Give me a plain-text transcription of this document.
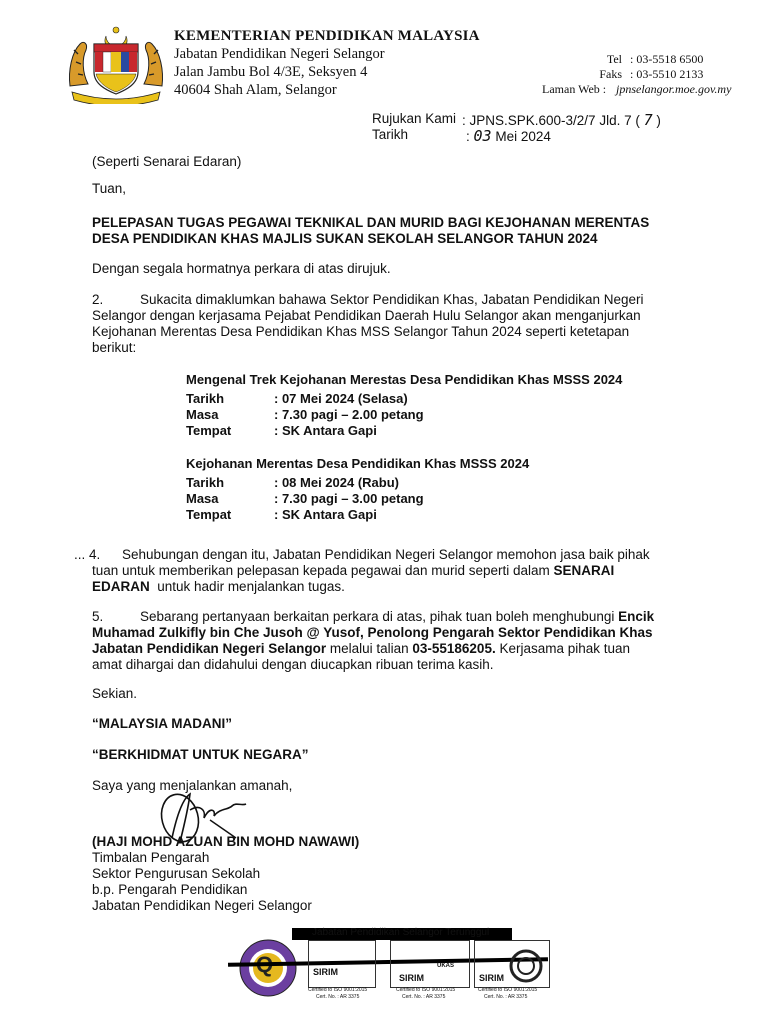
KEMENTERIAN PENDIDIKAN MALAYSIA
Jabatan Pendidikan Negeri Selangor
Jalan Jambu Bol 4/3E, Seksyen 4
40604 Shah Alam, Selangor
Tel : 03-5518 6500
Faks : 03-5510 2133
Laman Web : jpnselangor.moe.gov.my
Rujukan Kami : JPNS.SPK.600-3/2/7 Jld. 7 ( 7 )
Tarikh	: 03 Mei 2024
(Seperti Senarai Edaran)
Tuan,
PELEPASAN TUGAS PEGAWAI TEKNIKAL DAN MURID BAGI KEJOHANAN MERENTAS
DESA PENDIDIKAN KHAS MAJLIS SUKAN SEKOLAH SELANGOR TAHUN 2024
Dengan segala hormatnya perkara di atas dirujuk.
2.	Sukacita dimaklumkan bahawa Sektor Pendidikan Khas, Jabatan Pendidikan Negeri
Selangor dengan kerjasama Pejabat Pendidikan Daerah Hulu Selangor akan menganjurkan
Kejohanan Merentas Desa Pendidikan Khas MSS Selangor Tahun 2024 seperti ketetapan
berikut:
Mengenal Trek Kejohanan Merestas Desa Pendidikan Khas MSSS 2024
Tarikh	: 07 Mei 2024 (Selasa)
Masa	: 7.30 pagi – 2.00 petang
Tempat	: SK Antara Gapi
Kejohanan Merentas Desa Pendidikan Khas MSSS 2024
Tarikh	: 08 Mei 2024 (Rabu)
Masa	: 7.30 pagi – 3.00 petang
Tempat	: SK Antara Gapi
... 4. Sehubungan dengan itu, Jabatan Pendidikan Negeri Selangor memohon jasa baik pihak
tuan untuk memberikan pelepasan kepada pegawai dan murid seperti dalam SENARAI
EDARAN  untuk hadir menjalankan tugas.
5.	Sebarang pertanyaan berkaitan perkara di atas, pihak tuan boleh menghubungi Encik
Muhamad Zulkifly bin Che Jusoh @ Yusof, Penolong Pengarah Sektor Pendidikan Khas
Jabatan Pendidikan Negeri Selangor melalui talian 03-55186205. Kerjasama pihak tuan
amat dihargai dan didahului dengan diucapkan ribuan terima kasih.
Sekian.
“MALAYSIA MADANI”
“BERKHIDMAT UNTUK NEGARA”
Saya yang menjalankan amanah,
(HAJI MOHD AZUAN BIN MOHD NAWAWI)
Timbalan Pengarah
Sektor Pengurusan Sekolah
b.p. Pengarah Pendidikan
Jabatan Pendidikan Negeri Selangor
Jabatan Pendidikan Selangor Terunggul
SIRIM
Certified to ISO 9001:2015
Cert. No. : AR 3375
SIRIM
UKAS
Certified to ISO 9001:2015
Cert. No. : AR 3375
SIRIM
Certified to ISO 9001:2015
Cert. No. : AR 3375
